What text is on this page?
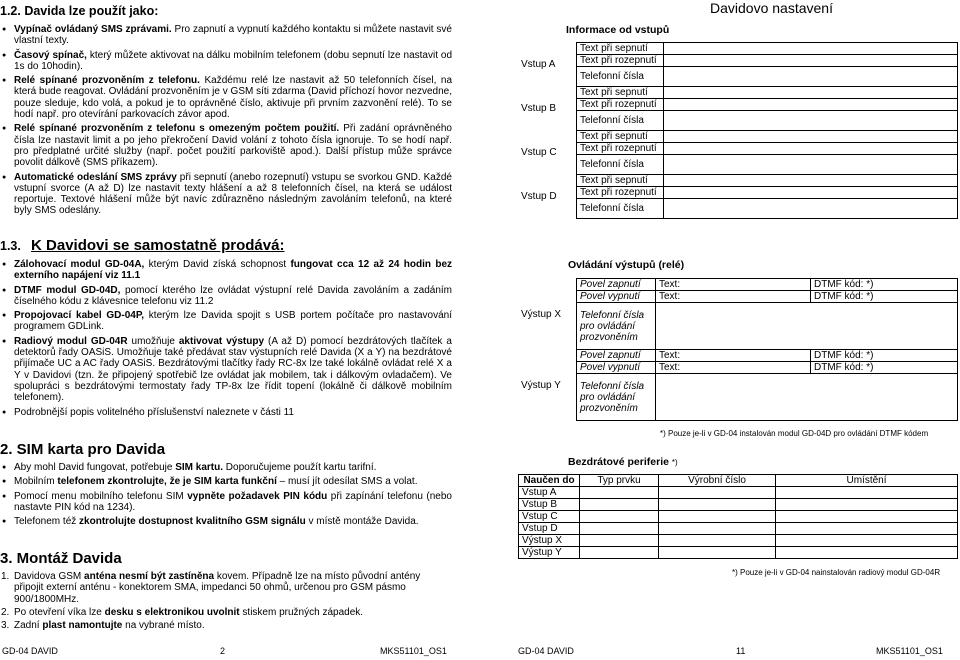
1.2. Davida lze použít jako:
● Vypínač ovládaný SMS zprávami. Pro zapnutí a vypnutí každého kontaktu si můžete nastavit své vlastní texty.
● Časový spínač, který můžete aktivovat na dálku mobilním telefonem (dobu sepnutí lze nastavit od 1s do 10hodin).
● Relé spínané prozvoněním z telefonu. Každému relé lze nastavit až 50 telefonních čísel, na která bude reagovat. Ovládání prozvoněním je v GSM síti zdarma (David příchozí hovor nezvedne, pouze sleduje, kdo volá, a pokud je to oprávněné číslo, aktivuje při prvním zazvonění relé). To se hodí např. pro otevírání parkovacích závor apod.
● Relé spínané prozvoněním z telefonu s omezeným počtem použití. Při zadání oprávněného čísla lze nastavit limit a po jeho překročení David volání z tohoto čísla ignoruje. To se hodí např. pro předplatné určité služby (např. počet použití parkoviště apod.). Další přístup může správce povolit dálkově (SMS příkazem).
● Automatické odeslání SMS zprávy při sepnutí (anebo rozepnutí) vstupu se svorkou GND. Každé vstupní svorce (A až D) lze nastavit texty hlášení a až 8 telefonních čísel, na která se událost reportuje. Textové hlášení může být navíc zdůrazněno následným zavoláním telefonů, na které byly SMS odeslány.
1.3. K Davidovi se samostatně prodává:
● Zálohovací modul GD-04A, kterým David získá schopnost fungovat cca 12 až 24 hodin bez externího napájení viz 11.1
● DTMF modul GD-04D, pomocí kterého lze ovládat výstupní relé Davida zavoláním a zadáním číselného kódu z klávesnice telefonu viz 11.2
● Propojovací kabel GD-04P, kterým lze Davida spojit s USB portem počítače pro nastavování programem GDLink.
● Radiový modul GD-04R umožňuje aktivovat výstupy (A až D) pomocí bezdrátových tlačítek a detektorů řady OASiS. Umožňuje také předávat stav výstupních relé Davida (X a Y) na bezdrátové přijímače UC a AC řady OASiS. Bezdrátovými tlačítky řady RC-8x lze také lokálně ovládat relé X a Y v Davidovi (tzn. že připojený spotřebič lze ovládat jak mobilem, tak i dálkovým ovladačem). Ve spolupráci s bezdrátovými termostaty řady TP-8x lze řídit topení (lokálně či dálkově mobilním telefonem).
● Podrobnější popis volitelného příslušenství naleznete v části 11
2. SIM karta pro Davida
● Aby mohl David fungovat, potřebuje SIM kartu. Doporučujeme použít kartu tarifní.
● Mobilním telefonem zkontrolujte, že je SIM karta funkční – musí jít odesílat SMS a volat.
● Pomocí menu mobilního telefonu SIM vypněte požadavek PIN kódu při zapínání telefonu (nebo nastavte PIN kód na 1234).
● Telefonem též zkontrolujte dostupnost kvalitního GSM signálu v místě montáže Davida.
3. Montáž Davida
1. Davidova GSM anténa nesmí být zastíněna kovem. Případně lze na místo původní antény připojit externí anténu - konektorem SMA, impedanci 50 ohmů, určenou pro GSM pásmo 900/1800MHz.
2. Po otevření víka lze desku s elektronikou uvolnit stiskem pružných západek.
3. Zadní plast namontujte na vybrané místo.
Davidovo nastavení
Informace od vstupů
Vstup A	Text při sepnutí	
	Text při rozepnutí	
	Telefonní čísla	
Vstup B	Text při sepnutí	
	Text při rozepnutí	
	Telefonní čísla	
Vstup C	Text při sepnutí	
	Text při rozepnutí	
	Telefonní čísla	
Vstup D	Text při sepnutí	
	Text při rozepnutí	
	Telefonní čísla	
Ovládání výstupů (relé)
Výstup X	Povel zapnutí	Text:	DTMF kód: *)
	Povel vypnutí	Text:	DTMF kód: *)
	Telefonní čísla pro ovládání prozvoněním		
Výstup Y	Povel zapnutí	Text:	DTMF kód: *)
	Povel vypnutí	Text:	DTMF kód: *)
	Telefonní čísla pro ovládání prozvoněním		
*) Pouze je-li v GD-04 instalován modul GD-04D pro ovládání DTMF kódem
Bezdrátové periferie *)
Naučen do	Typ prvku	Výrobní číslo	Umístění
Vstup A			
Vstup B			
Vstup C			
Vstup D			
Výstup X			
Výstup Y			
*) Pouze je-li v GD-04 nainstalován radiový modul GD-04R
GD-04 DAVID	2	MKS51101_OS1	GD-04 DAVID	11	MKS51101_OS1
